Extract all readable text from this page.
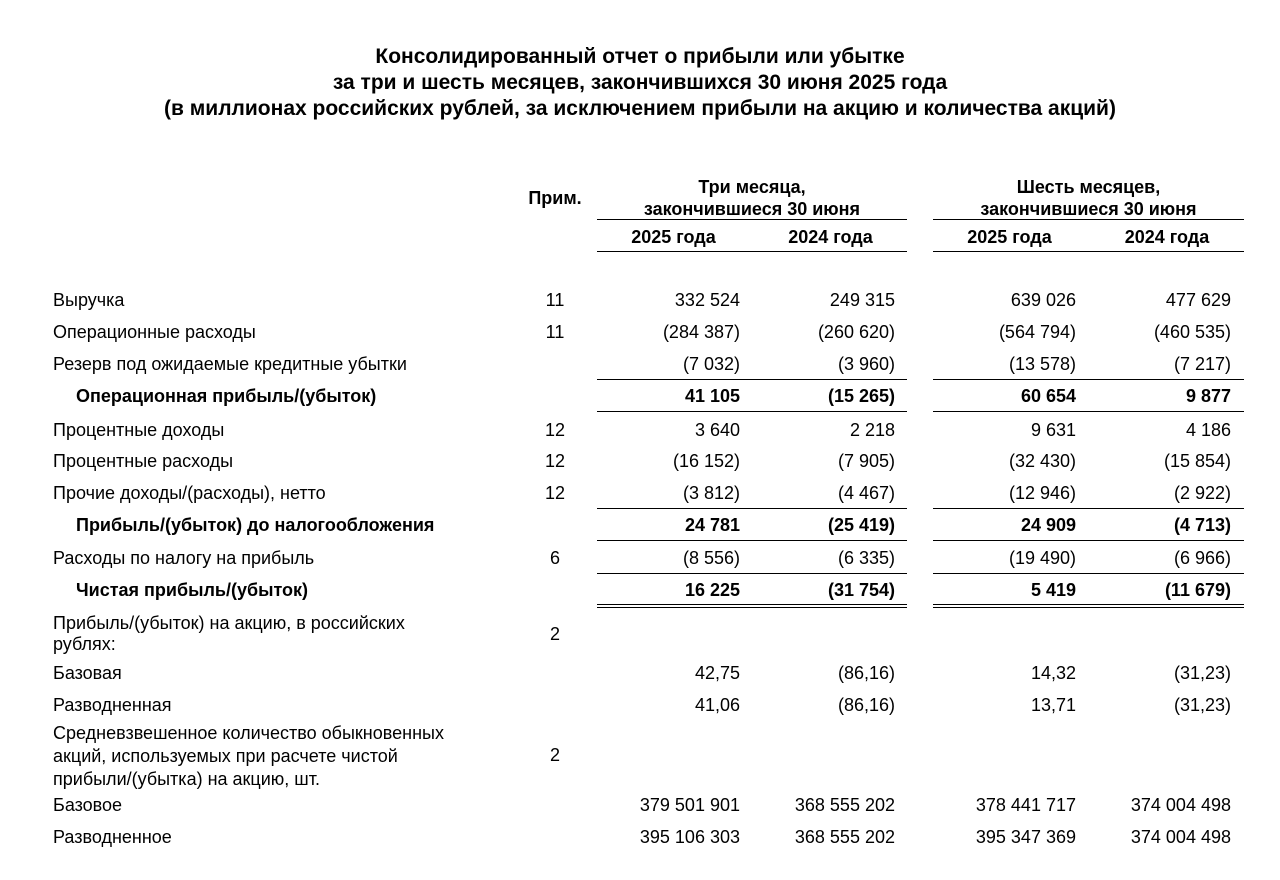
Консолидированный отчет о прибыли или убытке
за три и шесть месяцев, закончившихся 30 июня 2025 года
(в миллионах российских рублей, за исключением прибыли на акцию и количества акций)
Прим.
Три месяца,
закончившиеся 30 июня
Шесть месяцев,
закончившиеся 30 июня
2025 года	2024 года	2025 года	2024 года
Выручка	11	332 524	249 315	639 026	477 629
Операционные расходы	11	(284 387)	(260 620)	(564 794)	(460 535)
Резерв под ожидаемые кредитные убытки	(7 032)	(3 960)	(13 578)	(7 217)
Операционная прибыль/(убыток)	41 105	(15 265)	60 654	9 877
Процентные доходы	12	3 640	2 218	9 631	4 186
Процентные расходы	12	(16 152)	(7 905)	(32 430)	(15 854)
Прочие доходы/(расходы), нетто	12	(3 812)	(4 467)	(12 946)	(2 922)
Прибыль/(убыток) до налогообложения	24 781	(25 419)	24 909	(4 713)
Расходы по налогу на прибыль	6	(8 556)	(6 335)	(19 490)	(6 966)
Чистая прибыль/(убыток)	16 225	(31 754)	5 419	(11 679)
Прибыль/(убыток) на акцию, в российских
рублях:	2
Базовая	42,75	(86,16)	14,32	(31,23)
Разводненная	41,06	(86,16)	13,71	(31,23)
Средневзвешенное количество обыкновенных
акций, используемых при расчете чистой
прибыли/(убытка) на акцию, шт.
2
Базовое	379 501 901	368 555 202	378 441 717	374 004 498
Разводненное	395 106 303	368 555 202	395 347 369	374 004 498
